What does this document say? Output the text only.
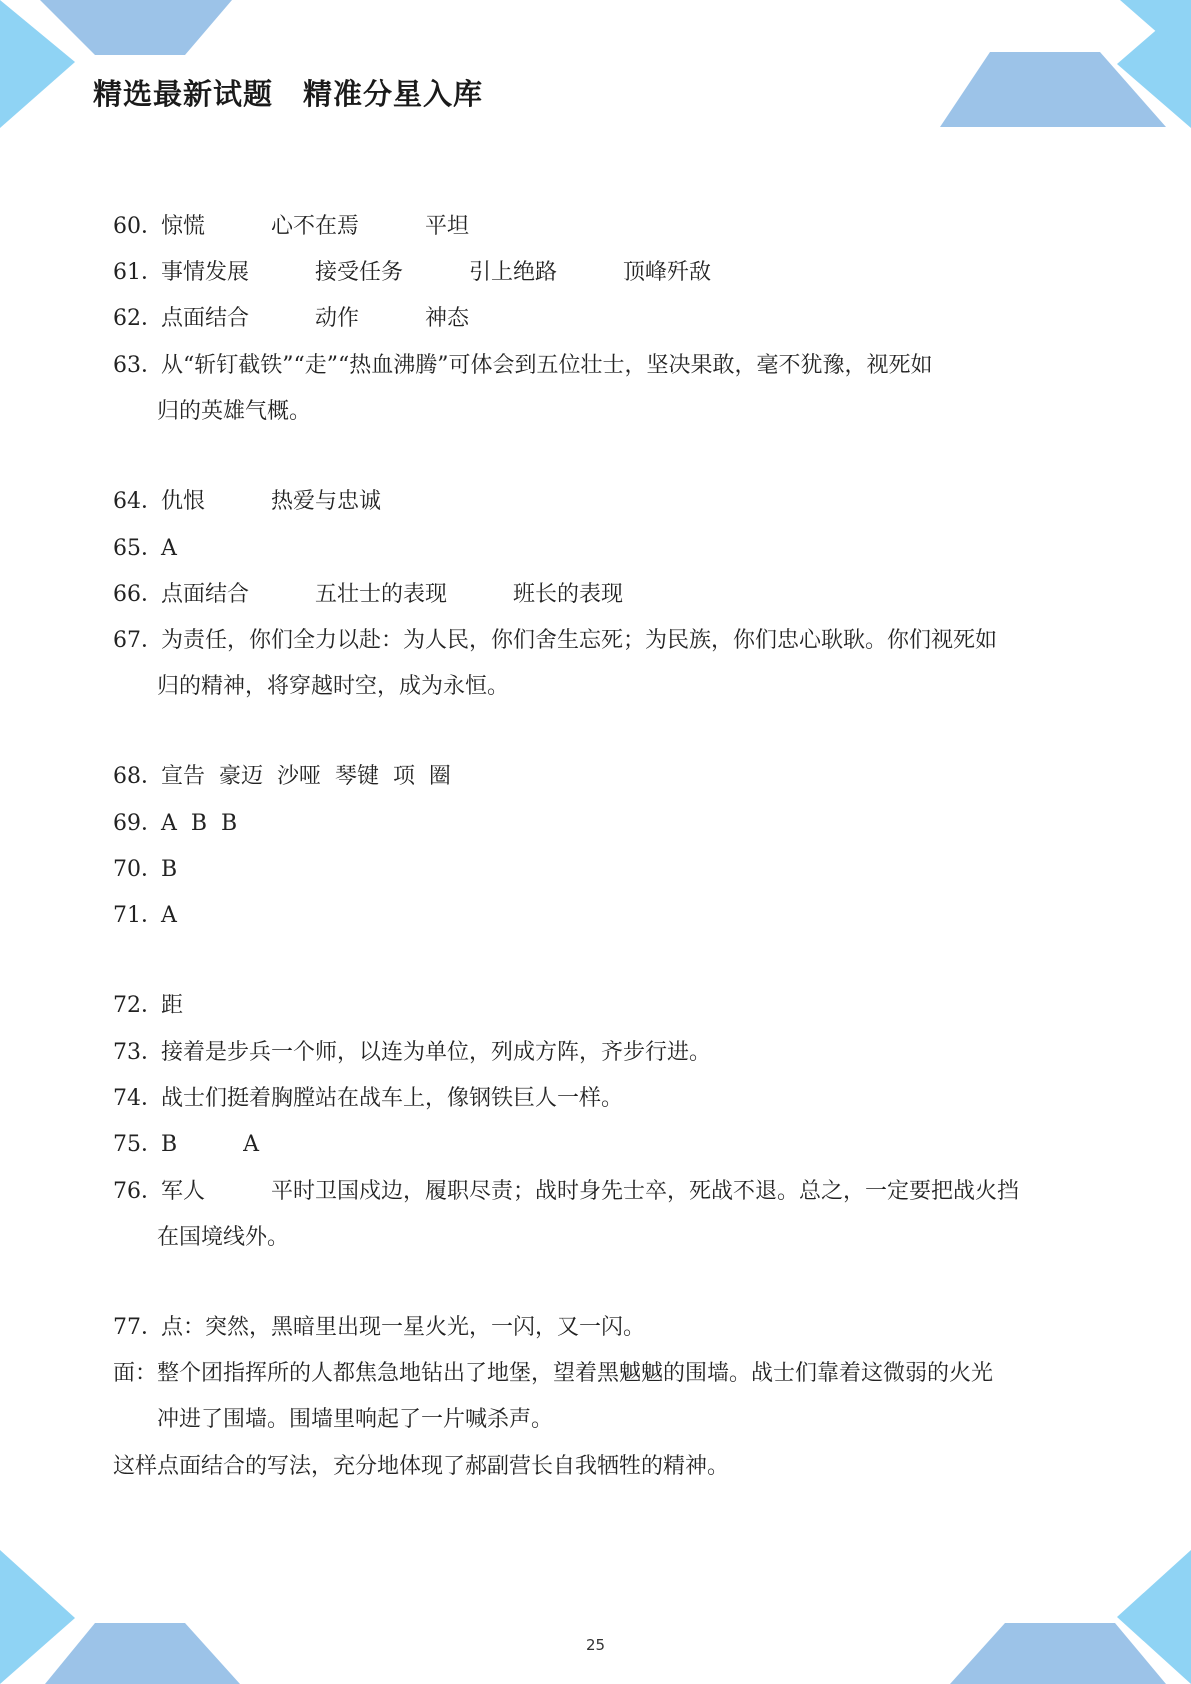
精选最新试题　精准分星入库
60．惊慌　　　心不在焉　　　平坦
61．事情发展　　　接受任务　　　引上绝路　　　顶峰歼敌
62．点面结合　　　动作　　　神态
63．从“斩钉截铁”“走”“热血沸腾”可体会到五位壮士，坚决果敢，毫不犹豫，视死如
归的英雄气概。
64．仇恨　　　热爱与忠诚
65．A
66．点面结合　　　五壮士的表现　　　班长的表现
67．为责任，你们全力以赴：为人民，你们舍生忘死；为民族，你们忠心耿耿。你们视死如
归的精神，将穿越时空，成为永恒。
68．宣告  豪迈  沙哑  琴键  项  圈
69．A  B  B
70．B
71．A
72．距
73．接着是步兵一个师，以连为单位，列成方阵，齐步行进。
74．战士们挺着胸膛站在战车上，像钢铁巨人一样。
75．B　　　A
76．军人　　　平时卫国戍边，履职尽责；战时身先士卒，死战不退。总之，一定要把战火挡
在国境线外。
77．点：突然，黑暗里出现一星火光，一闪，又一闪。
面：整个团指挥所的人都焦急地钻出了地堡，望着黑魆魆的围墙。战士们靠着这微弱的火光
冲进了围墙。围墙里响起了一片喊杀声。
这样点面结合的写法，充分地体现了郝副营长自我牺牲的精神。
25
